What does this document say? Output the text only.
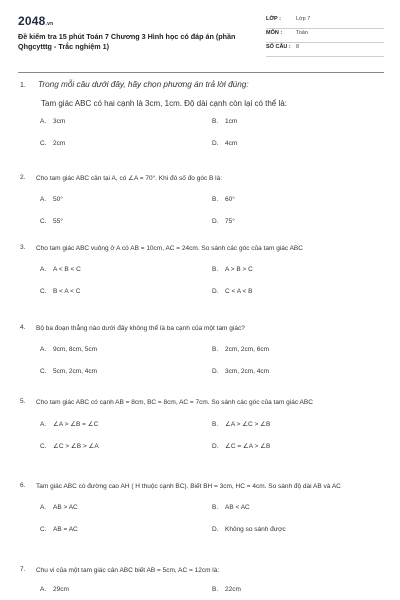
2048.vn
Đề kiểm tra 15 phút Toán 7 Chương 3 Hình học có đáp án (phần Qhgcytttg - Trắc nghiệm 1)
LỚP :	Lớp 7
MÔN :	Toán
SỐ CÂU : 8
1. Trong mỗi câu dưới đây, hãy chọn phương án trả lời đúng:
Tam giác ABC có hai cạnh là 3cm, 1cm. Độ dài cạnh còn lại có thể là:
A. 3cm	B. 1cm
C. 2cm	D. 4cm
2. Cho tam giác ABC cân tại A, có ∠A = 70°. Khi đó số đo góc B là:
A. 50°	B. 60°
C. 55°	D. 75°
3. Cho tam giác ABC vuông ở A có AB = 10cm, AC = 24cm. So sánh các góc của tam giác ABC
A. A < B < C	B. A > B > C
C. B < A < C	D. C < A < B
4. Bộ ba đoạn thẳng nào dưới đây không thể là ba cạnh của một tam giác?
A. 9cm, 8cm, 5cm	B. 2cm, 2cm, 6cm
C. 5cm, 2cm, 4cm	D. 3cm, 2cm, 4cm
5. Cho tam giác ABC có cạnh AB = 8cm, BC = 8cm, AC = 7cm. So sánh các góc của tam giác ABC
A. ∠A > ∠B = ∠C	B. ∠A > ∠C > ∠B
C. ∠C > ∠B > ∠A	D. ∠C = ∠A > ∠B
6. Tam giác ABC có đường cao AH ( H thuộc cạnh BC). Biết BH = 3cm, HC = 4cm. So sánh độ dài AB và AC
A. AB > AC	B. AB < AC
C. AB = AC	D. Không so sánh được
7. Chu vi của một tam giác cân ABC biết AB = 5cm, AC = 12cm là:
A. 29cm	B. 22cm
